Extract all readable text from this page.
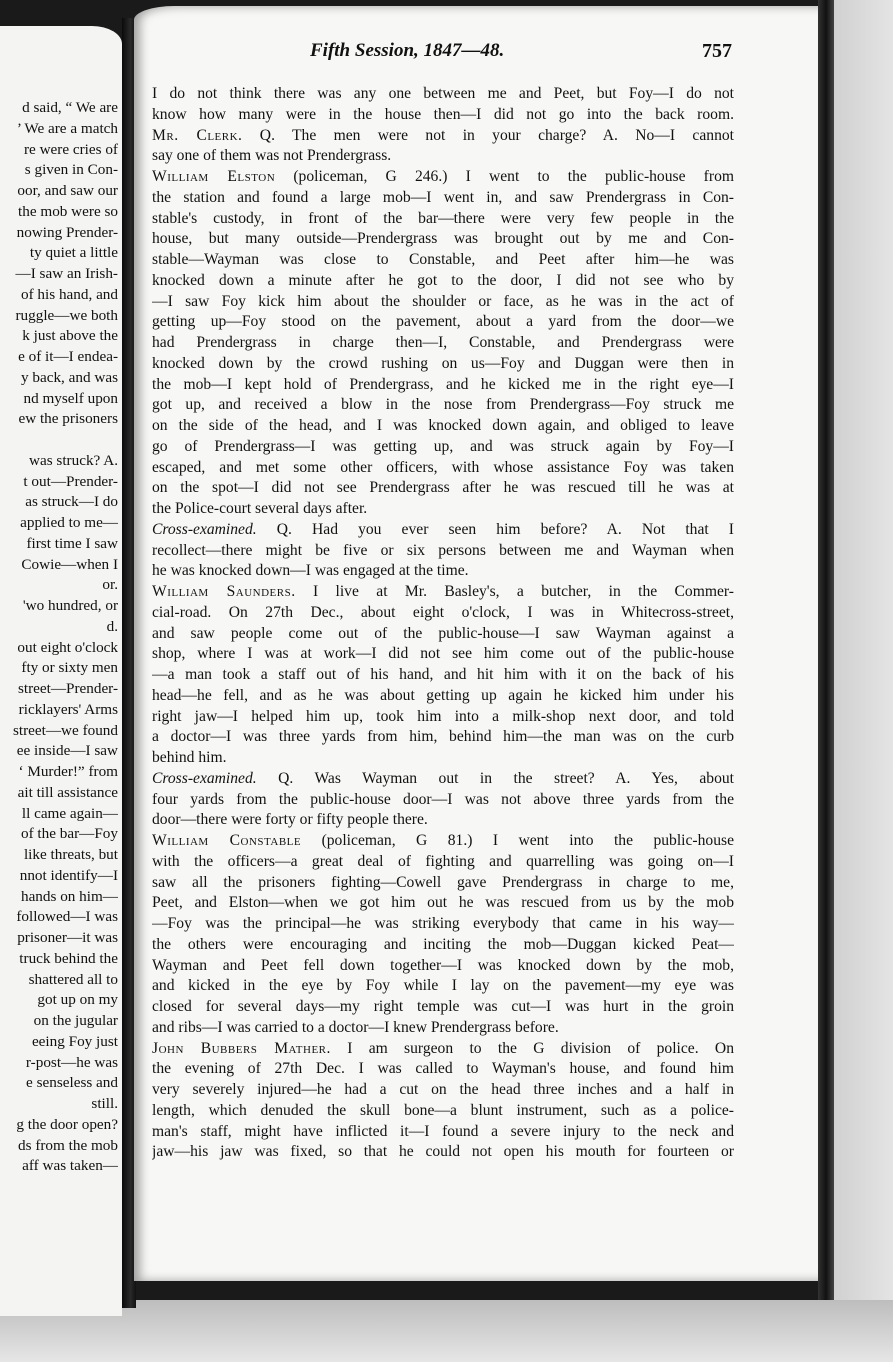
d said, “ We are
’ We are a match
re were cries of
s given in Con-
oor, and saw our
the mob were so
nowing Prender-
ty quiet a little
—I saw an Irish-
of his hand, and
ruggle—we both
k just above the
e of it—I endea-
y back, and was
nd myself upon
ew the prisoners
was struck? A.
t out—Prender-
as struck—I do
applied to me—
first time I saw
Cowie—when I
or.
'wo hundred, or
d.
out eight o'clock
fty or sixty men
street—Prender-
ricklayers' Arms
street—we found
ee inside—I saw
‘ Murder!” from
ait till assistance
ll came again—
of the bar—Foy
like threats, but
nnot identify—I
hands on him—
followed—I was
prisoner—it was
truck behind the
shattered all to
got up on my
on the jugular
eeing Foy just
r-post—he was
e senseless and
still.
g the door open?
ds from the mob
aff was taken—
Fifth Session, 1847—48.	757
I do not think there was any one between me and Peet, but Foy—I do not
know how many were in the house then—I did not go into the back room.
Mr. Clerk. Q. The men were not in your charge? A. No—I cannot
say one of them was not Prendergrass.
William Elston (policeman, G 246.) I went to the public-house from
the station and found a large mob—I went in, and saw Prendergrass in Con-
stable's custody, in front of the bar—there were very few people in the
house, but many outside—Prendergrass was brought out by me and Con-
stable—Wayman was close to Constable, and Peet after him—he was
knocked down a minute after he got to the door, I did not see who by
—I saw Foy kick him about the shoulder or face, as he was in the act of
getting up—Foy stood on the pavement, about a yard from the door—we
had Prendergrass in charge then—I, Constable, and Prendergrass were
knocked down by the crowd rushing on us—Foy and Duggan were then in
the mob—I kept hold of Prendergrass, and he kicked me in the right eye—I
got up, and received a blow in the nose from Prendergrass—Foy struck me
on the side of the head, and I was knocked down again, and obliged to leave
go of Prendergrass—I was getting up, and was struck again by Foy—I
escaped, and met some other officers, with whose assistance Foy was taken
on the spot—I did not see Prendergrass after he was rescued till he was at
the Police-court several days after.
Cross-examined. Q. Had you ever seen him before? A. Not that I
recollect—there might be five or six persons between me and Wayman when
he was knocked down—I was engaged at the time.
William Saunders. I live at Mr. Basley's, a butcher, in the Commer-
cial-road. On 27th Dec., about eight o'clock, I was in Whitecross-street,
and saw people come out of the public-house—I saw Wayman against a
shop, where I was at work—I did not see him come out of the public-house
—a man took a staff out of his hand, and hit him with it on the back of his
head—he fell, and as he was about getting up again he kicked him under his
right jaw—I helped him up, took him into a milk-shop next door, and told
a doctor—I was three yards from him, behind him—the man was on the curb
behind him.
Cross-examined. Q. Was Wayman out in the street? A. Yes, about
four yards from the public-house door—I was not above three yards from the
door—there were forty or fifty people there.
William Constable (policeman, G 81.) I went into the public-house
with the officers—a great deal of fighting and quarrelling was going on—I
saw all the prisoners fighting—Cowell gave Prendergrass in charge to me,
Peet, and Elston—when we got him out he was rescued from us by the mob
—Foy was the principal—he was striking everybody that came in his way—
the others were encouraging and inciting the mob—Duggan kicked Peat—
Wayman and Peet fell down together—I was knocked down by the mob,
and kicked in the eye by Foy while I lay on the pavement—my eye was
closed for several days—my right temple was cut—I was hurt in the groin
and ribs—I was carried to a doctor—I knew Prendergrass before.
John Bubbers Mather. I am surgeon to the G division of police. On
the evening of 27th Dec. I was called to Wayman's house, and found him
very severely injured—he had a cut on the head three inches and a half in
length, which denuded the skull bone—a blunt instrument, such as a police-
man's staff, might have inflicted it—I found a severe injury to the neck and
jaw—his jaw was fixed, so that he could not open his mouth for fourteen or
